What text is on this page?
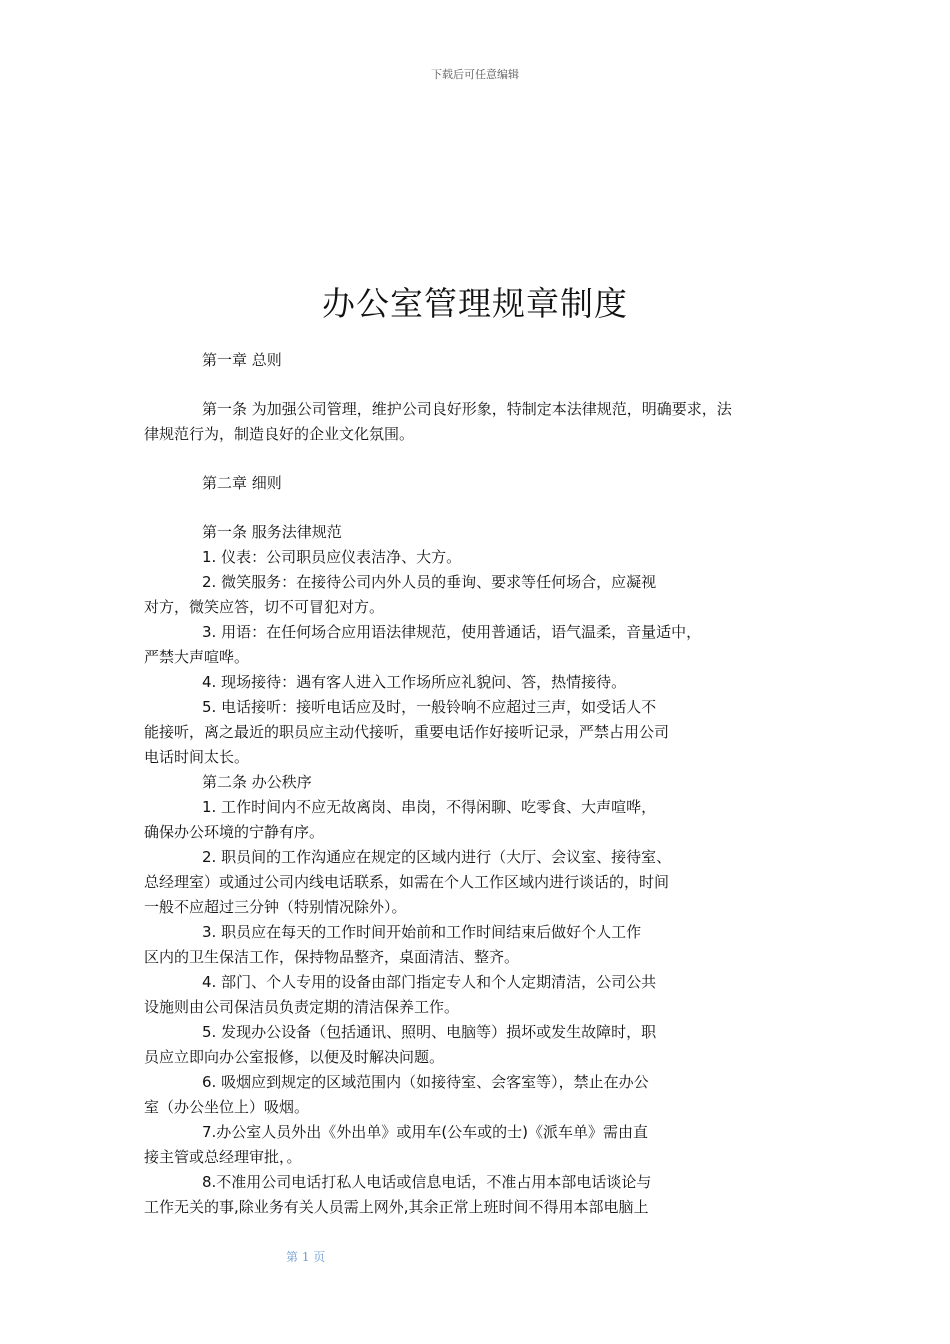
下载后可任意编辑
办公室管理规章制度
第一章 总则
第一条 为加强公司管理，维护公司良好形象，特制定本法律规范，明确要求，法
律规范行为，制造良好的企业文化氛围。
第二章 细则
第一条 服务法律规范
1. 仪表：公司职员应仪表洁净、大方。
2. 微笑服务：在接待公司内外人员的垂询、要求等任何场合，应凝视
对方，微笑应答，切不可冒犯对方。
3. 用语：在任何场合应用语法律规范，使用普通话，语气温柔，音量适中，
严禁大声喧哗。
4. 现场接待：遇有客人进入工作场所应礼貌问、答，热情接待。
5. 电话接听：接听电话应及时，一般铃响不应超过三声，如受话人不
能接听，离之最近的职员应主动代接听，重要电话作好接听记录，严禁占用公司
电话时间太长。
第二条 办公秩序
1. 工作时间内不应无故离岗、串岗，不得闲聊、吃零食、大声喧哗，
确保办公环境的宁静有序。
2. 职员间的工作沟通应在规定的区域内进行（大厅、会议室、接待室、
总经理室）或通过公司内线电话联系，如需在个人工作区域内进行谈话的，时间
一般不应超过三分钟（特别情况除外）。
3. 职员应在每天的工作时间开始前和工作时间结束后做好个人工作
区内的卫生保洁工作，保持物品整齐，桌面清洁、整齐。
4. 部门、个人专用的设备由部门指定专人和个人定期清洁，公司公共
设施则由公司保洁员负责定期的清洁保养工作。
5. 发现办公设备（包括通讯、照明、电脑等）损坏或发生故障时，职
员应立即向办公室报修，以便及时解决问题。
6. 吸烟应到规定的区域范围内（如接待室、会客室等），禁止在办公
室（办公坐位上）吸烟。
7.办公室人员外出《外出单》或用车(公车或的士)《派车单》需由直
接主管或总经理审批，。
8.不准用公司电话打私人电话或信息电话，不准占用本部电话谈论与
工作无关的事,除业务有关人员需上网外,其余正常上班时间不得用本部电脑上
第 1 页
